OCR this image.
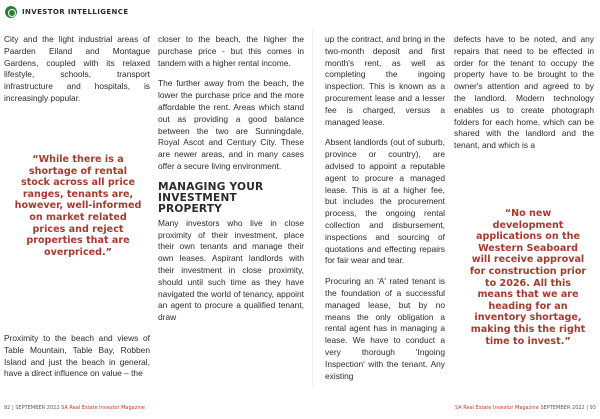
INVESTOR INTELLIGENCE

City and the light industrial areas of Paarden Eiland and Montague Gardens, coupled with its relaxed lifestyle, schools, transport infrastructure and hospitals, is increasingly popular.

“While there is a shortage of rental stock across all price ranges, tenants are, however, well-informed on market related prices and reject properties that are overpriced.”

Proximity to the beach and views of Table Mountain, Table Bay, Robben Island and just the beach in general, have a direct influence on value – the

closer to the beach, the higher the purchase price - but this comes in tandem with a higher rental income.

The further away from the beach, the lower the purchase price and the more affordable the rent. Areas which stand out as providing a good balance between the two are Sunningdale, Royal Ascot and Century City. These are newer areas, and in many cases offer a secure living environment.

MANAGING YOUR INVESTMENT PROPERTY

Many investors who live in close proximity of their investment, place their own tenants and manage their own leases. Aspirant landlords with their investment in close proximity, should until such time as they have navigated the world of tenancy, appoint an agent to procure a qualified tenant, draw

up the contract, and bring in the two-month deposit and first month's rent, as well as completing the ingoing inspection. This is known as a procurement lease and a lesser fee is charged, versus a managed lease.

Absent landlords (out of suburb, province or country), are advised to appoint a reputable agent to procure a managed lease. This is at a higher fee, but includes the procurement process, the ongoing rental collection and disbursement, inspections and sourcing of quotations and effecting repairs for fair wear and tear.

Procuring an 'A' rated tenant is the foundation of a successful managed lease, but by no means the only obligation a rental agent has in managing a lease. We have to conduct a very thorough 'Ingoing Inspection' with the tenant. Any existing

defects have to be noted, and any repairs that need to be effected in order for the tenant to occupy the property have to be brought to the owner's attention and agreed to by the landlord. Modern technology enables us to create photograph folders for each home, which can be shared with the landlord and the tenant, and which is a

“No new development applications on the Western Seaboard will receive approval for construction prior to 2026. All this means that we are heading for an inventory shortage, making this the right time to invest.”
92 | SEPTEMBER 2022 SA Real Estate Investor Magazine	SA Real Estate Investor Magazine SEPTEMBER 2022 | 93
